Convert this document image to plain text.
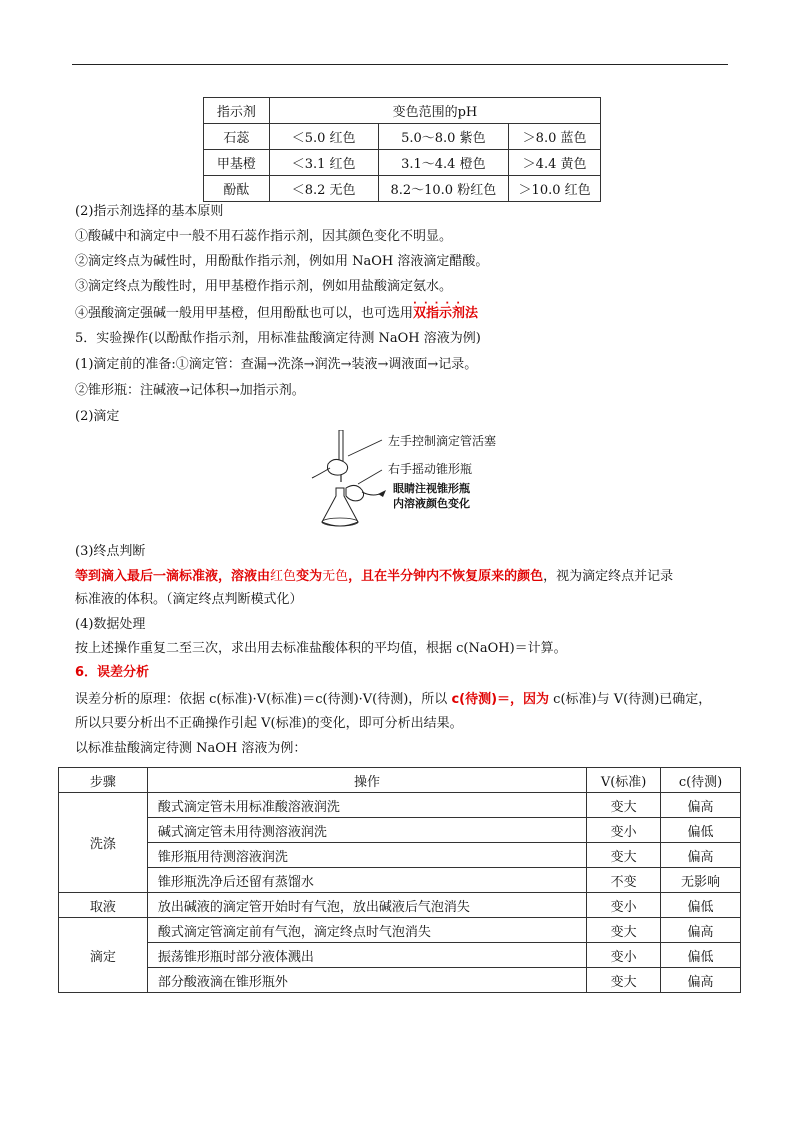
指示剂	变色范围的pH		
石蕊	＜5.0 红色	5.0～8.0 紫色	＞8.0 蓝色
甲基橙	＜3.1 红色	3.1～4.4 橙色	＞4.4 黄色
酚酞	＜8.2 无色	8.2～10.0 粉红色	＞10.0 红色
(2)指示剂选择的基本原则
①酸碱中和滴定中一般不用石蕊作指示剂，因其颜色变化不明显。
②滴定终点为碱性时，用酚酞作指示剂，例如用 NaOH 溶液滴定醋酸。
③滴定终点为酸性时，用甲基橙作指示剂，例如用盐酸滴定氨水。
④强酸滴定强碱一般用甲基橙，但用酚酞也可以，也可选用
·····
双指示剂法
5．实验操作(以酚酞作指示剂，用标准盐酸滴定待测 NaOH 溶液为例)
(1)滴定前的准备:①滴定管：查漏→洗涤→润洗→装液→调液面→记录。
②锥形瓶：注碱液→记体积→加指示剂。
(2)滴定
左手控制滴定管活塞
右手摇动锥形瓶
眼睛注视锥形瓶
内溶液颜色变化
(3)终点判断
等到滴入最后一滴标准液，溶液由红色变为无色，且在半分钟内不恢复原来的颜色，视为滴定终点并记录
标准液的体积。（滴定终点判断模式化）
(4)数据处理
按上述操作重复二至三次，求出用去标准盐酸体积的平均值，根据 c(NaOH)＝计算。
6．误差分析
误差分析的原理：依据 c(标准)·V(标准)＝c(待测)·V(待测)，所以 c(待测)＝，因为 c(标准)与 V(待测)已确定，
所以只要分析出不正确操作引起 V(标准)的变化，即可分析出结果。
以标准盐酸滴定待测 NaOH 溶液为例：
步骤	操作	V(标准)	c(待测)
洗涤	酸式滴定管未用标准酸溶液润洗	变大	偏高
	碱式滴定管未用待测溶液润洗	变小	偏低
	锥形瓶用待测溶液润洗	变大	偏高
	锥形瓶洗净后还留有蒸馏水	不变	无影响
取液	放出碱液的滴定管开始时有气泡，放出碱液后气泡消失	变小	偏低
滴定	酸式滴定管滴定前有气泡，滴定终点时气泡消失	变大	偏高
	振荡锥形瓶时部分液体溅出	变小	偏低
	部分酸液滴在锥形瓶外	变大	偏高
